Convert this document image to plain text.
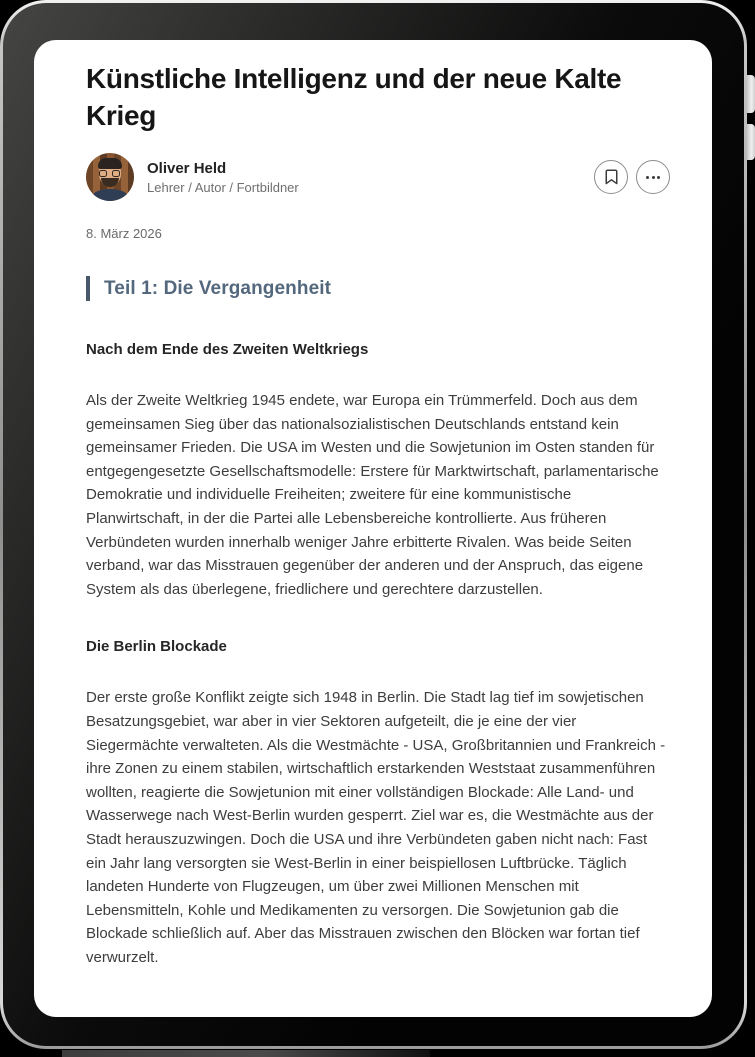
Künstliche Intelligenz und der neue Kalte Krieg
Oliver Held
Lehrer / Autor / Fortbildner
8. März 2026
Teil 1: Die Vergangenheit
Nach dem Ende des Zweiten Weltkriegs

Als der Zweite Weltkrieg 1945 endete, war Europa ein Trümmerfeld. Doch aus dem gemeinsamen Sieg über das nationalsozialistischen Deutschlands entstand kein gemeinsamer Frieden. Die USA im Westen und die Sowjetunion im Osten standen für entgegengesetzte Gesellschaftsmodelle: Erstere für Marktwirtschaft, parlamentarische Demokratie und individuelle Freiheiten; zweitere für eine kommunistische Planwirtschaft, in der die Partei alle Lebensbereiche kontrollierte. Aus früheren Verbündeten wurden innerhalb weniger Jahre erbitterte Rivalen. Was beide Seiten verband, war das Misstrauen gegenüber der anderen und der Anspruch, das eigene System als das überlegene, friedlichere und gerechtere darzustellen.

Die Berlin Blockade

Der erste große Konflikt zeigte sich 1948 in Berlin. Die Stadt lag tief im sowjetischen Besatzungsgebiet, war aber in vier Sektoren aufgeteilt, die je eine der vier Siegermächte verwalteten. Als die Westmächte - USA, Großbritannien und Frankreich - ihre Zonen zu einem stabilen, wirtschaftlich erstarkenden Weststaat zusammenführen wollten, reagierte die Sowjetunion mit einer vollständigen Blockade: Alle Land- und Wasserwege nach West-Berlin wurden gesperrt. Ziel war es, die Westmächte aus der Stadt herauszuzwingen. Doch die USA und ihre Verbündeten gaben nicht nach: Fast ein Jahr lang versorgten sie West-Berlin in einer beispiellosen Luftbrücke. Täglich landeten Hunderte von Flugzeugen, um über zwei Millionen Menschen mit Lebensmitteln, Kohle und Medikamenten zu versorgen. Die Sowjetunion gab die Blockade schließlich auf. Aber das Misstrauen zwischen den Blöcken war fortan tief verwurzelt.
